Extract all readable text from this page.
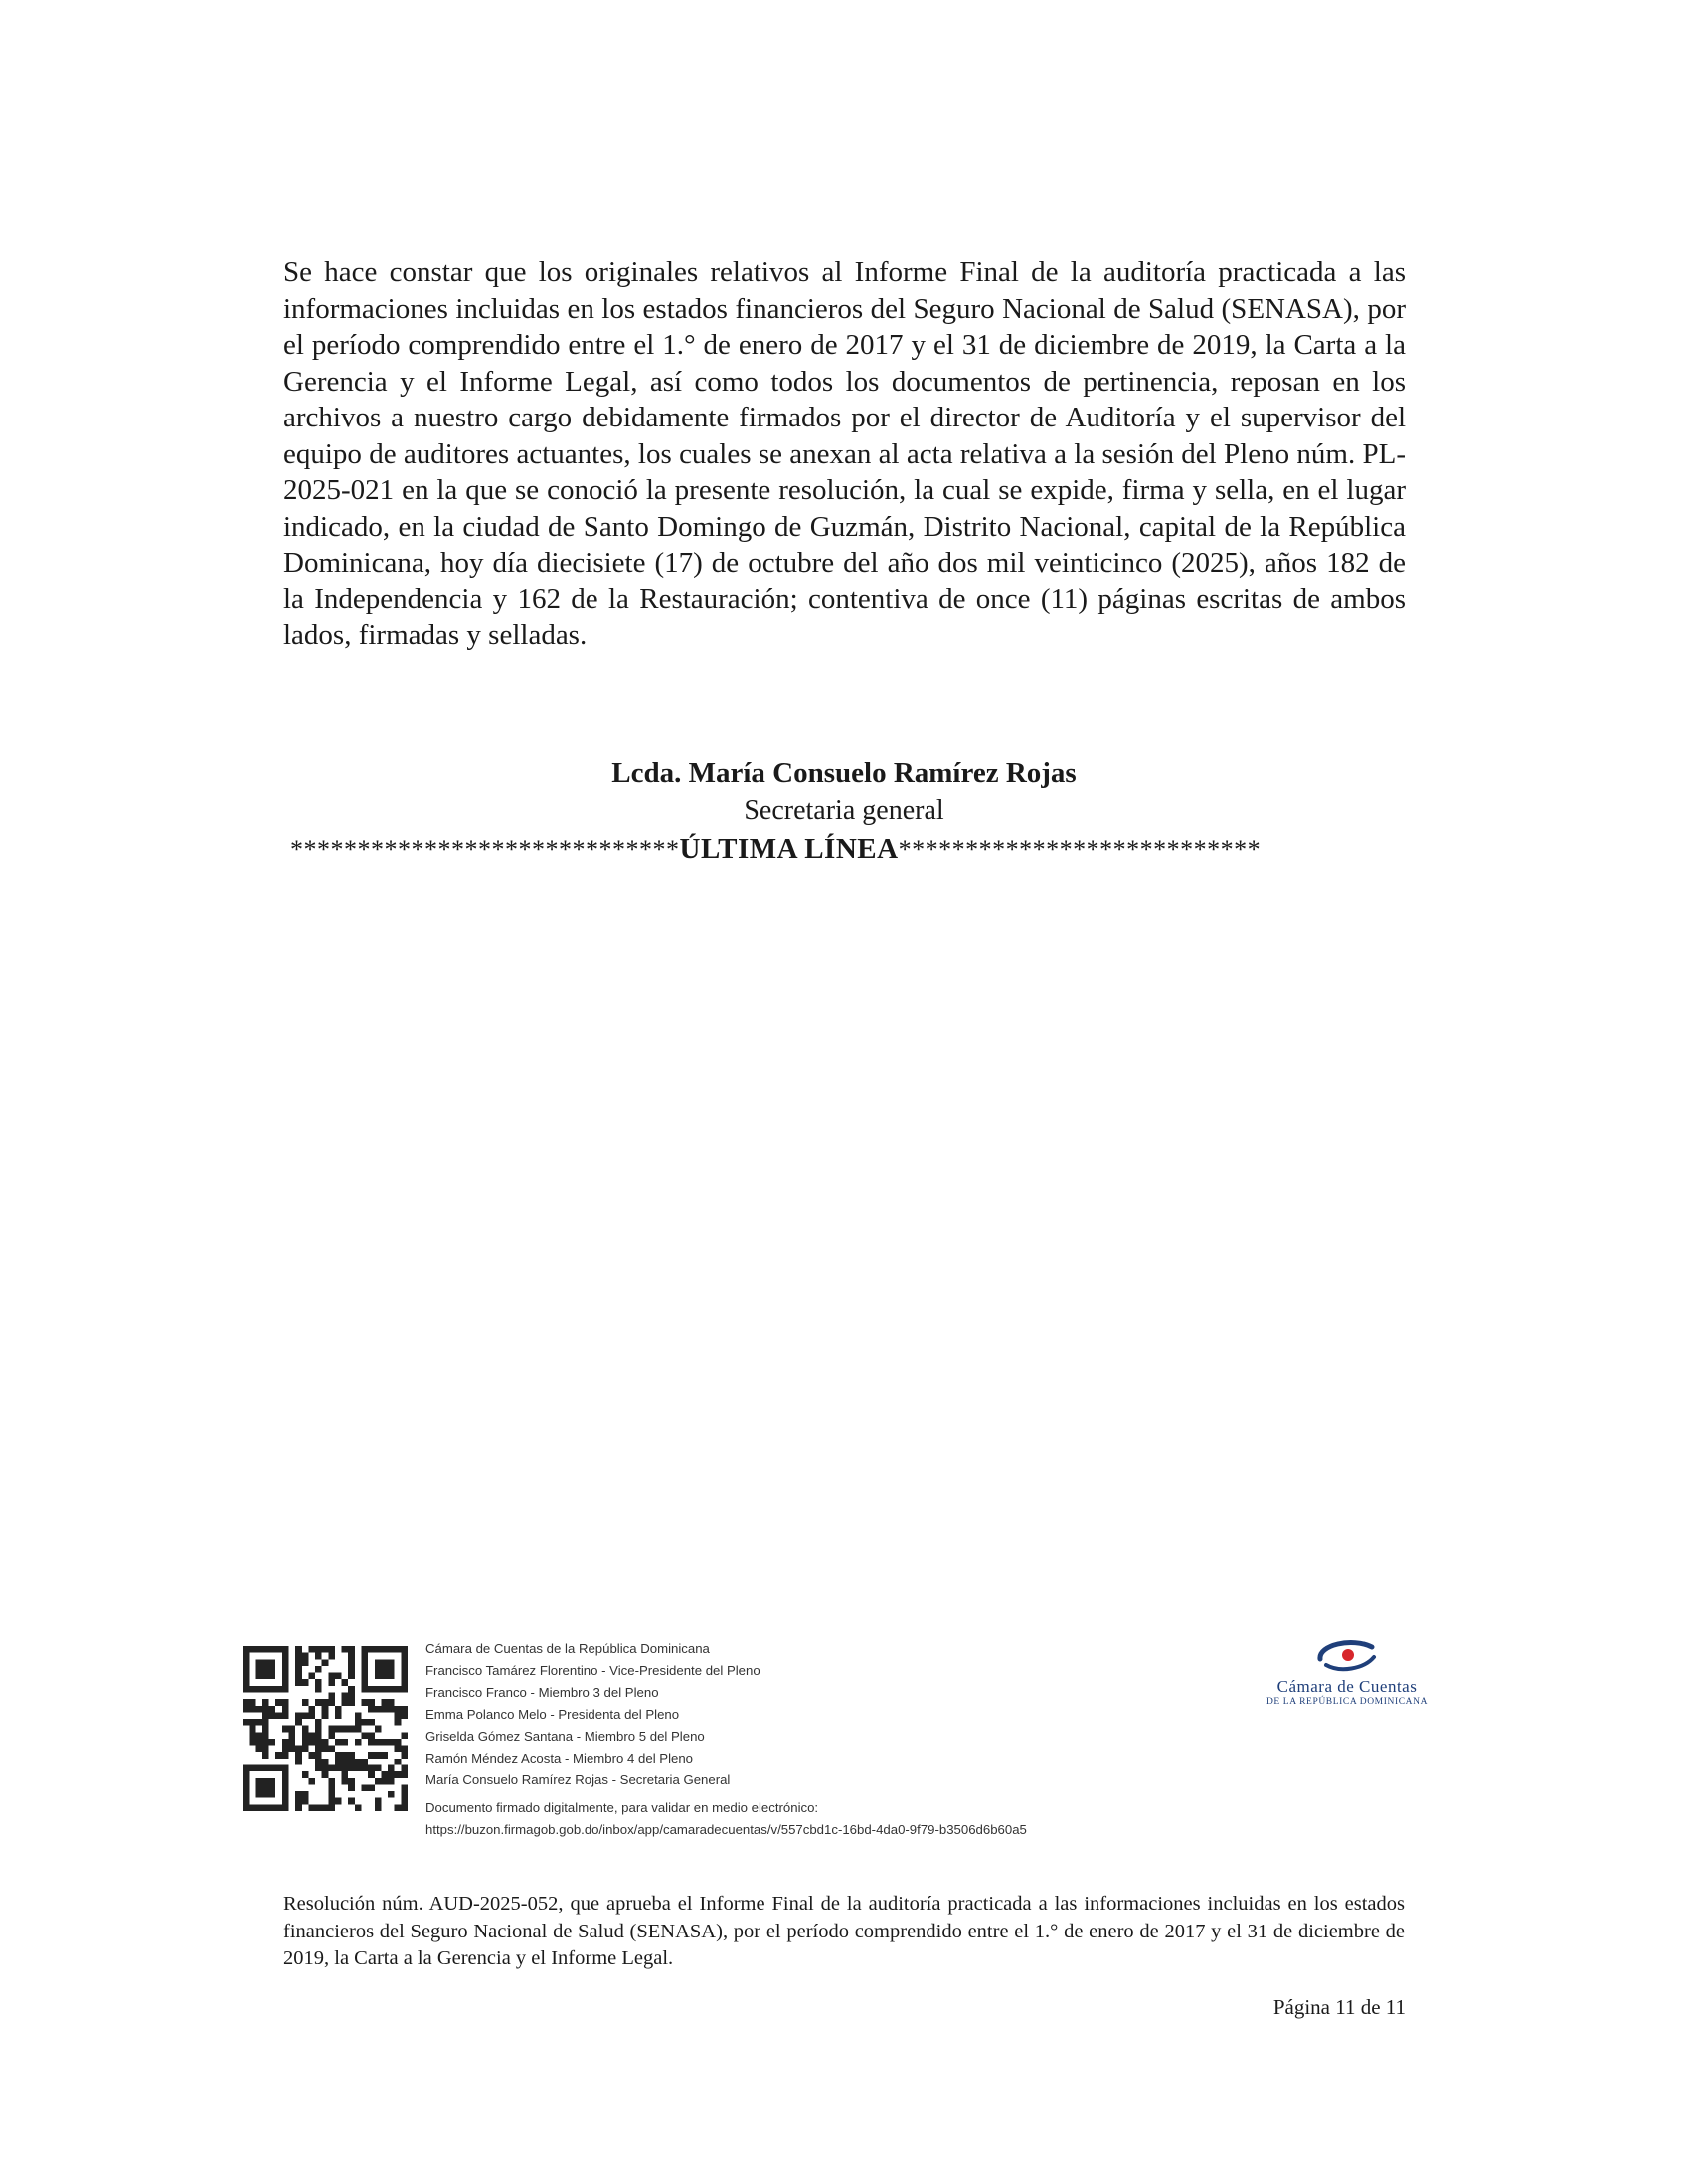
Se hace constar que los originales relativos al Informe Final de la auditoría practicada a las informaciones incluidas en los estados financieros del Seguro Nacional de Salud (SENASA), por el período comprendido entre el 1.° de enero de 2017 y el 31 de diciembre de 2019, la Carta a la Gerencia y el Informe Legal, así como todos los documentos de pertinencia, reposan en los archivos a nuestro cargo debidamente firmados por el director de Auditoría y el supervisor del equipo de auditores actuantes, los cuales se anexan al acta relativa a la sesión del Pleno núm. PL-2025-021 en la que se conoció la presente resolución, la cual se expide, firma y sella, en el lugar indicado, en la ciudad de Santo Domingo de Guzmán, Distrito Nacional, capital de la República Dominicana, hoy día diecisiete (17) de octubre del año dos mil veinticinco (2025), años 182 de la Independencia y 162 de la Restauración; contentiva de once (11) páginas escritas de ambos lados, firmadas y selladas.

Lcda. María Consuelo Ramírez Rojas

Secretaria general

*****************************ÚLTIMA LÍNEA***************************
Cámara de Cuentas de la República Dominicana
Francisco Tamárez Florentino - Vice-Presidente del Pleno
Francisco Franco - Miembro 3 del Pleno
Emma Polanco Melo - Presidenta del Pleno
Griselda Gómez Santana - Miembro 5 del Pleno
Ramón Méndez Acosta - Miembro 4 del Pleno
María Consuelo Ramírez Rojas - Secretaria General
Documento firmado digitalmente, para validar en medio electrónico:
https://buzon.firmagob.gob.do/inbox/app/camaradecuentas/v/557cbd1c-16bd-4da0-9f79-b3506d6b60a5
Cámara de Cuentas
DE LA REPÚBLICA DOMINICANA

Resolución núm. AUD-2025-052, que aprueba el Informe Final de la auditoría practicada a las informaciones incluidas en los estados financieros del Seguro Nacional de Salud (SENASA), por el período comprendido entre el 1.° de enero de 2017 y el 31 de diciembre de 2019, la Carta a la Gerencia y el Informe Legal.

Página 11 de 11
